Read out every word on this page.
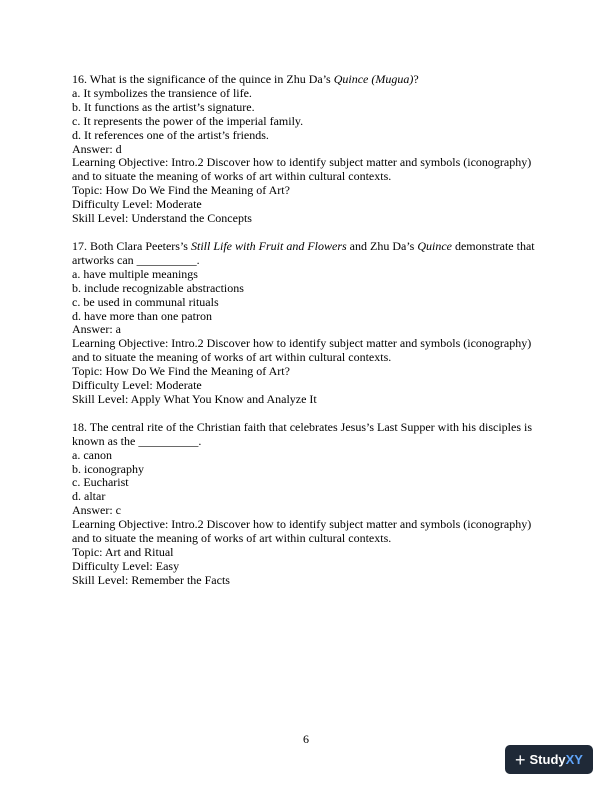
16. What is the significance of the quince in Zhu Da’s Quince (Mugua)?
a. It symbolizes the transience of life.
b. It functions as the artist’s signature.
c. It represents the power of the imperial family.
d. It references one of the artist’s friends.
Answer: d
Learning Objective: Intro.2 Discover how to identify subject matter and symbols (iconography) and to situate the meaning of works of art within cultural contexts.
Topic: How Do We Find the Meaning of Art?
Difficulty Level: Moderate
Skill Level: Understand the Concepts
17. Both Clara Peeters’s Still Life with Fruit and Flowers and Zhu Da’s Quince demonstrate that artworks can __________.
a. have multiple meanings
b. include recognizable abstractions
c. be used in communal rituals
d. have more than one patron
Answer: a
Learning Objective: Intro.2 Discover how to identify subject matter and symbols (iconography) and to situate the meaning of works of art within cultural contexts.
Topic: How Do We Find the Meaning of Art?
Difficulty Level: Moderate
Skill Level: Apply What You Know and Analyze It
18. The central rite of the Christian faith that celebrates Jesus’s Last Supper with his disciples is known as the __________.
a. canon
b. iconography
c. Eucharist
d. altar
Answer: c
Learning Objective: Intro.2 Discover how to identify subject matter and symbols (iconography) and to situate the meaning of works of art within cultural contexts.
Topic: Art and Ritual
Difficulty Level: Easy
Skill Level: Remember the Facts
6
+ Study XY
